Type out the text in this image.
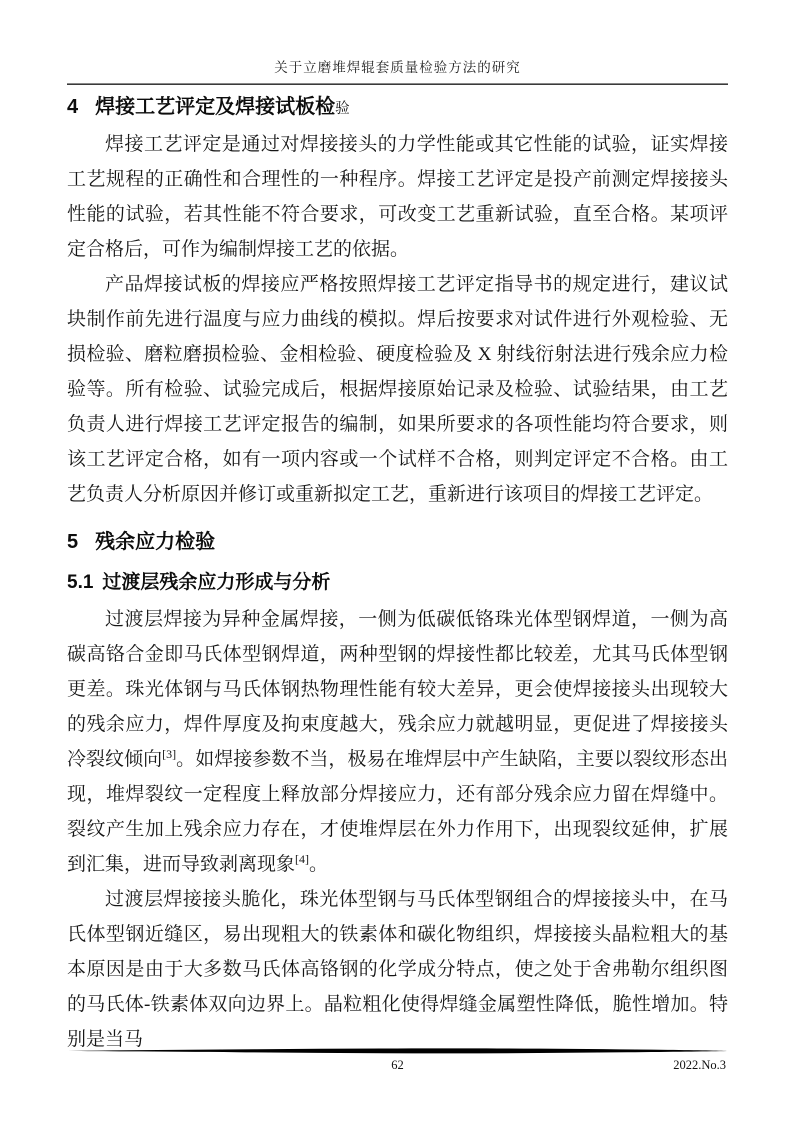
关于立磨堆焊辊套质量检验方法的研究
4 焊接工艺评定及焊接试板检验

焊接工艺评定是通过对焊接接头的力学性能或其它性能的试验，证实焊接工艺规程的正确性和合理性的一种程序。焊接工艺评定是投产前测定焊接接头性能的试验，若其性能不符合要求，可改变工艺重新试验，直至合格。某项评定合格后，可作为编制焊接工艺的依据。

产品焊接试板的焊接应严格按照焊接工艺评定指导书的规定进行，建议试块制作前先进行温度与应力曲线的模拟。焊后按要求对试件进行外观检验、无损检验、磨粒磨损检验、金相检验、硬度检验及 X 射线衍射法进行残余应力检验等。所有检验、试验完成后，根据焊接原始记录及检验、试验结果，由工艺负责人进行焊接工艺评定报告的编制，如果所要求的各项性能均符合要求，则该工艺评定合格，如有一项内容或一个试样不合格，则判定评定不合格。由工艺负责人分析原因并修订或重新拟定工艺，重新进行该项目的焊接工艺评定。

5 残余应力检验
5.1 过渡层残余应力形成与分析

过渡层焊接为异种金属焊接，一侧为低碳低铬珠光体型钢焊道，一侧为高碳高铬合金即马氏体型钢焊道，两种型钢的焊接性都比较差，尤其马氏体型钢更差。珠光体钢与马氏体钢热物理性能有较大差异，更会使焊接接头出现较大的残余应力，焊件厚度及拘束度越大，残余应力就越明显，更促进了焊接接头冷裂纹倾向[3]。如焊接参数不当，极易在堆焊层中产生缺陷，主要以裂纹形态出现，堆焊裂纹一定程度上释放部分焊接应力，还有部分残余应力留在焊缝中。裂纹产生加上残余应力存在，才使堆焊层在外力作用下，出现裂纹延伸，扩展到汇集，进而导致剥离现象[4]。

过渡层焊接接头脆化，珠光体型钢与马氏体型钢组合的焊接接头中，在马氏体型钢近缝区，易出现粗大的铁素体和碳化物组织，焊接接头晶粒粗大的基本原因是由于大多数马氏体高铬钢的化学成分特点，使之处于舍弗勒尔组织图的马氏体-铁素体双向边界上。晶粒粗化使得焊缝金属塑性降低，脆性增加。特别是当马

62	2022.No.3
